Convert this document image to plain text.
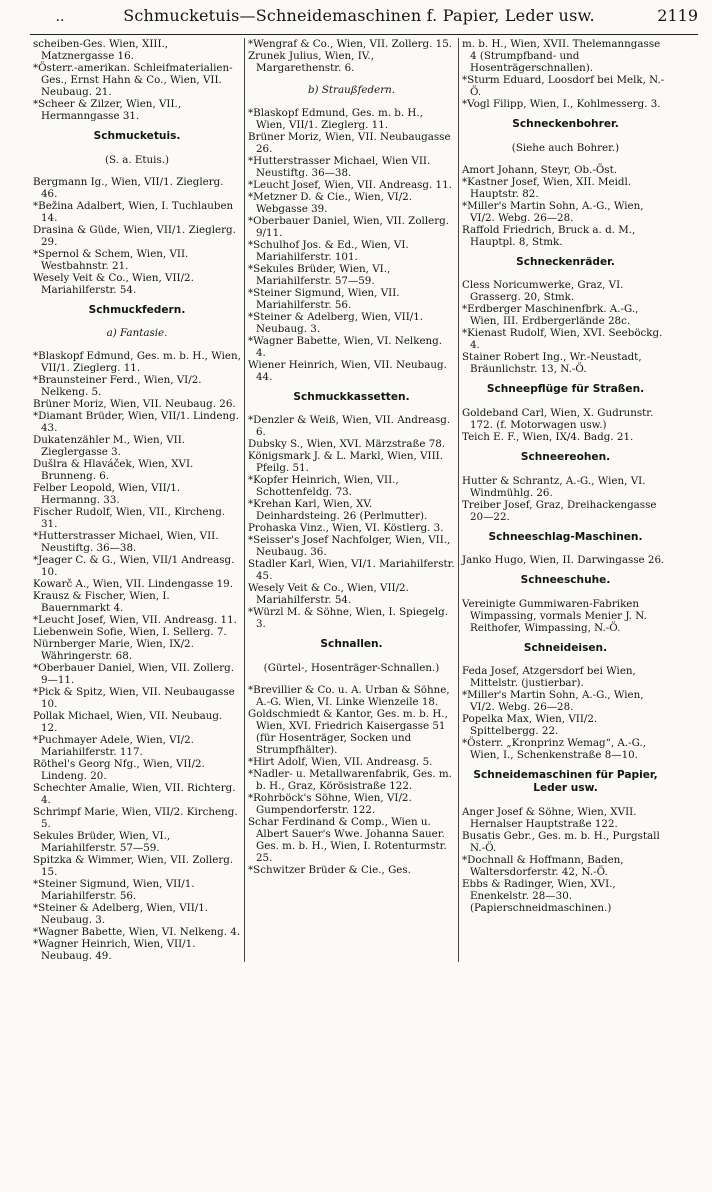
..	Schmucketuis—Schneidemaschinen f. Papier, Leder usw.	2119

scheiben-Ges. Wien, XIII., Matznergasse 16.

*Österr.-amerikan. Schleifmaterialien-Ges., Ernst Hahn & Co., Wien, VII. Neubaug. 21.

*Scheer & Zilzer, Wien, VII., Hermanngasse 31.

Schmucketuis.

(S. a. Etuis.)

Bergmann Ig., Wien, VII/1. Zieglerg. 46.

*Bežina Adalbert, Wien, I. Tuchlauben 14.

Drasina & Güde, Wien, VII/1. Zieglerg. 29.

*Spernol & Schem, Wien, VII. Westbahnstr. 21.

Wesely Veit & Co., Wien, VII/2. Mariahilferstr. 54.

Schmuckfedern.

a) Fantasie.

*Blaskopf Edmund, Ges. m. b. H., Wien, VII/1. Zieglerg. 11.

*Braunsteiner Ferd., Wien, VI/2. Nelkeng. 5.

Brüner Moriz, Wien, VII. Neubaug. 26.

*Diamant Brüder, Wien, VII/1. Lindeng. 43.

Dukatenzähler M., Wien, VII. Zieglergasse 3.

Dušlra & Hlaváček, Wien, XVI. Brunneng. 6.

Felber Leopold, Wien, VII/1. Hermanng. 33.

Fischer Rudolf, Wien, VII., Kircheng. 31.

*Hutterstrasser Michael, Wien, VII. Neustiftg. 36—38.

*Jeager C. & G., Wien, VII/1 Andreasg. 10.

Kowarč A., Wien, VII. Lindengasse 19.

Krausz & Fischer, Wien, I. Bauernmarkt 4.

*Leucht Josef, Wien, VII. Andreasg. 11.

Liebenwein Sofie, Wien, I. Sellerg. 7.

Nürnberger Marie, Wien, IX/2. Währingerstr. 68.

*Oberbauer Daniel, Wien, VII. Zollerg. 9—11.

*Pick & Spitz, Wien, VII. Neubaugasse 10.

Pollak Michael, Wien, VII. Neubaug. 12.

*Puchmayer Adele, Wien, VI/2. Mariahilferstr. 117.

Röthel's Georg Nfg., Wien, VII/2. Lindeng. 20.

Schechter Amalie, Wien, VII. Richterg. 4.

Schrimpf Marie, Wien, VII/2. Kircheng. 5.

Sekules Brüder, Wien, VI., Mariahilferstr. 57—59.

Spitzka & Wimmer, Wien, VII. Zollerg. 15.

*Steiner Sigmund, Wien, VII/1. Mariahilferstr. 56.

*Steiner & Adelberg, Wien, VII/1. Neubaug. 3.

*Wagner Babette, Wien, VI. Nelkeng. 4.

*Wagner Heinrich, Wien, VII/1. Neubaug. 49.

*Wengraf & Co., Wien, VII. Zollerg. 15.

Zrunek Julius, Wien, IV., Margarethenstr. 6.

b) Straußfedern.

*Blaskopf Edmund, Ges. m. b. H., Wien, VII/1. Zieglerg. 11.

Brüner Moriz, Wien, VII. Neubaugasse 26.

*Hutterstrasser Michael, Wien VII. Neustiftg. 36—38.

*Leucht Josef, Wien, VII. Andreasg. 11.

*Metzner D. & Cie., Wien, VI/2. Webgasse 39.

*Oberbauer Daniel, Wien, VII. Zollerg. 9/11.

*Schulhof Jos. & Ed., Wien, VI. Mariahilferstr. 101.

*Sekules Brüder, Wien, VI., Mariahilferstr. 57—59.

*Steiner Sigmund, Wien, VII. Mariahilferstr. 56.

*Steiner & Adelberg, Wien, VII/1. Neubaug. 3.

*Wagner Babette, Wien, VI. Nelkeng. 4.

Wiener Heinrich, Wien, VII. Neubaug. 44.

Schmuckkassetten.

*Denzler & Weiß, Wien, VII. Andreasg. 6.

Dubsky S., Wien, XVI. Märzstraße 78.

Königsmark J. & L. Markl, Wien, VIII. Pfeilg. 51.

*Kopfer Heinrich, Wien, VII., Schottenfeldg. 73.

*Krehan Karl, Wien, XV. Deinhardsteing. 26 (Perlmutter).

Prohaska Vinz., Wien, VI. Köstlerg. 3.

*Seisser's Josef Nachfolger, Wien, VII., Neubaug. 36.

Stadler Karl, Wien, VI/1. Mariahilferstr. 45.

Wesely Veit & Co., Wien, VII/2. Mariahilferstr. 54.

*Würzl M. & Söhne, Wien, I. Spiegelg. 3.

Schnallen.

(Gürtel-, Hosenträger-Schnallen.)

*Brevillier & Co. u. A. Urban & Söhne, A.-G. Wien, VI. Linke Wienzeile 18.

Goldschmiedt & Kantor, Ges. m. b. H., Wien, XVI. Friedrich Kaisergasse 51 (für Hosenträger, Socken und Strumpfhälter).

*Hirt Adolf, Wien, VII. Andreasg. 5.

*Nadler- u. Metallwarenfabrik, Ges. m. b. H., Graz, Körösistraße 122.

*Rohrböck's Söhne, Wien, VI/2. Gumpendorferstr. 122.

Schar Ferdinand & Comp., Wien u. Albert Sauer's Wwe. Johanna Sauer. Ges. m. b. H., Wien, I. Rotenturmstr. 25.

*Schwitzer Brüder & Cie., Ges.

m. b. H., Wien, XVII. Thelemanngasse 4 (Strumpfband- und Hosenträgerschnallen).

*Sturm Eduard, Loosdorf bei Melk, N.-Ö.

*Vogl Filipp, Wien, I., Kohlmesserg. 3.

Schneckenbohrer.

(Siehe auch Bohrer.)

Amort Johann, Steyr, Ob.-Öst.

*Kastner Josef, Wien, XII. Meidl. Hauptstr. 82.

*Miller's Martin Sohn, A.-G., Wien, VI/2. Webg. 26—28.

Raffold Friedrich, Bruck a. d. M., Hauptpl. 8, Stmk.

Schneckenräder.

Cless Noricumwerke, Graz, VI. Grasserg. 20, Stmk.

*Erdberger Maschinenfbrk. A.-G., Wien, III. Erdbergerlände 28c.

*Kienast Rudolf, Wien, XVI. Seeböckg. 4.

Stainer Robert Ing., Wr.-Neustadt, Bräunlichstr. 13, N.-Ö.

Schneepflüge für Straßen.

Goldeband Carl, Wien, X. Gudrunstr. 172. (f. Motorwagen usw.)

Teich E. F., Wien, IX/4. Badg. 21.

Schneereohen.

Hutter & Schrantz, A.-G., Wien, VI. Windmühlg. 26.

Treiber Josef, Graz, Dreihackengasse 20—22.

Schneeschlag-Maschinen.

Janko Hugo, Wien, II. Darwingasse 26.

Schneeschuhe.

Vereinigte Gummiwaren-Fabriken Wimpassing, vormals Menier J. N. Reithofer, Wimpassing, N.-Ö.

Schneideisen.

Feda Josef, Atzgersdorf bei Wien, Mittelstr. (justierbar).

*Miller's Martin Sohn, A.-G., Wien, VI/2. Webg. 26—28.

Popelka Max, Wien, VII/2. Spittelbergg. 22.

*Österr. „Kronprinz Wemag“, A.-G., Wien, I., Schenkenstraße 8—10.

Schneidemaschinen für Papier, Leder usw.

Anger Josef & Söhne, Wien, XVII. Hernalser Hauptstraße 122.

Busatis Gebr., Ges. m. b. H., Purgstall N.-Ö.

*Dochnall & Hoffmann, Baden, Waltersdorferstr. 42, N.-Ö.

Ebbs & Radinger, Wien, XVI., Enenkelstr. 28—30. (Papierschneidmaschinen.)
